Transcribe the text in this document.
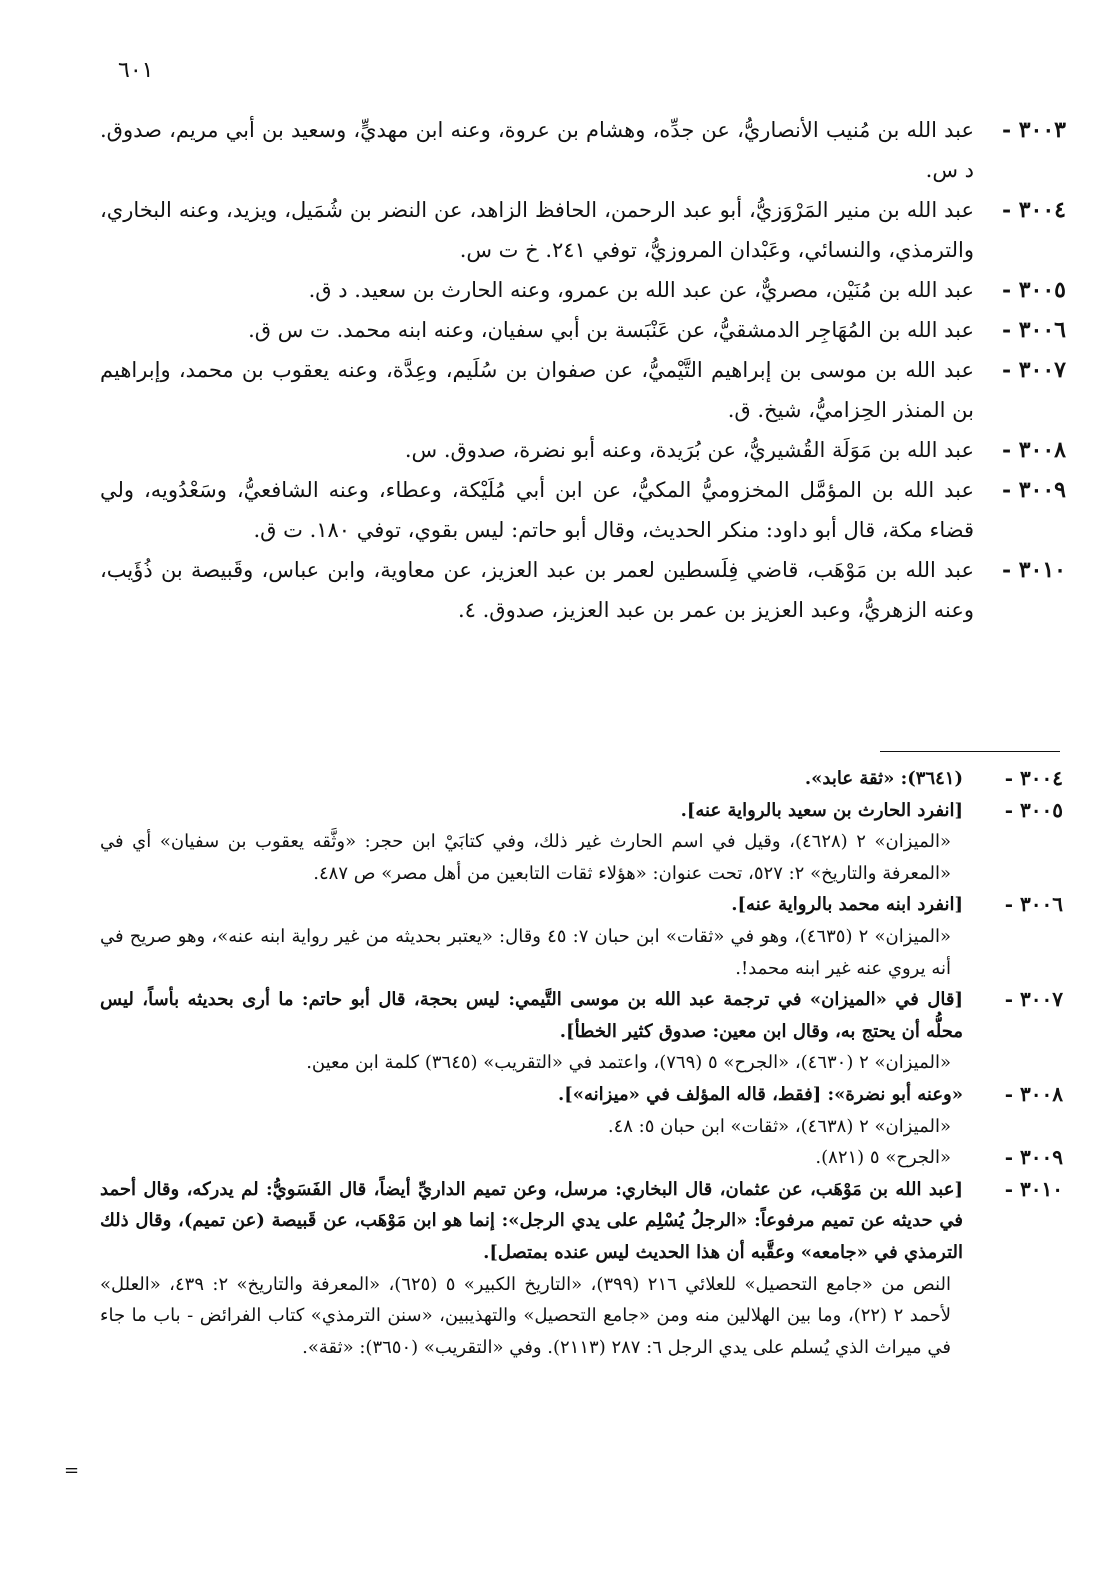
٦٠١
٣٠٠٣ -
عبد الله بن مُنيب الأنصاريُّ، عن جدِّه، وهشام بن عروة، وعنه ابن مهديٍّ، وسعيد بن أبي مريم، صدوق. د س.
٣٠٠٤ -
عبد الله بن منير المَرْوَزيُّ، أبو عبد الرحمن، الحافظ الزاهد، عن النضر بن شُمَيل، ويزيد، وعنه البخاري، والترمذي، والنسائي، وعَبْدان المروزيُّ، توفي ٢٤١. خ ت س.
٣٠٠٥ -
عبد الله بن مُنَيْن، مصريٌّ، عن عبد الله بن عمرو، وعنه الحارث بن سعيد. د ق.
٣٠٠٦ -
عبد الله بن المُهَاجِر الدمشقيُّ، عن عَنْبَسة بن أبي سفيان، وعنه ابنه محمد. ت س ق.
٣٠٠٧ -
عبد الله بن موسى بن إبراهيم التَّيْميُّ، عن صفوان بن سُلَيم، وعِدَّة، وعنه يعقوب بن محمد، وإبراهيم بن المنذر الحِزاميُّ، شيخ. ق.
٣٠٠٨ -
عبد الله بن مَوَلَة القُشيريُّ، عن بُرَيدة، وعنه أبو نضرة، صدوق. س.
٣٠٠٩ -
عبد الله بن المؤمَّل المخزوميُّ المكيُّ، عن ابن أبي مُلَيْكة، وعطاء، وعنه الشافعيُّ، وسَعْدُويه، ولي قضاء مكة، قال أبو داود: منكر الحديث، وقال أبو حاتم: ليس بقوي، توفي ١٨٠. ت ق.
٣٠١٠ -
عبد الله بن مَوْهَب، قاضي فِلَسطين لعمر بن عبد العزيز، عن معاوية، وابن عباس، وقَبيصة بن ذُؤَيب، وعنه الزهريُّ، وعبد العزيز بن عمر بن عبد العزيز، صدوق. ٤.
٣٠٠٤ -
(٣٦٤١): «ثقة عابد».
٣٠٠٥ -
[انفرد الحارث بن سعيد بالرواية عنه].
«الميزان» ٢ (٤٦٢٨)، وقيل في اسم الحارث غير ذلك، وفي كتابَيْ ابن حجر: «وثَّقه يعقوب بن سفيان» أي في «المعرفة والتاريخ» ٢: ٥٢٧، تحت عنوان: «هؤلاء ثقات التابعين من أهل مصر» ص ٤٨٧.
٣٠٠٦ -
[انفرد ابنه محمد بالرواية عنه].
«الميزان» ٢ (٤٦٣٥)، وهو في «ثقات» ابن حبان ٧: ٤٥ وقال: «يعتبر بحديثه من غير رواية ابنه عنه»، وهو صريح في أنه يروي عنه غير ابنه محمد!.
٣٠٠٧ -
[قال في «الميزان» في ترجمة عبد الله بن موسى التَّيمي: ليس بحجة، قال أبو حاتم: ما أرى بحديثه بأساً، ليس محلُّه أن يحتج به، وقال ابن معين: صدوق كثير الخطأ].
«الميزان» ٢ (٤٦٣٠)، «الجرح» ٥ (٧٦٩)، واعتمد في «التقريب» (٣٦٤٥) كلمة ابن معين.
٣٠٠٨ -
«وعنه أبو نضرة»: [فقط، قاله المؤلف في «ميزانه»].
«الميزان» ٢ (٤٦٣٨)، «ثقات» ابن حبان ٥: ٤٨.
٣٠٠٩ -
«الجرح» ٥ (٨٢١).
٣٠١٠ -
[عبد الله بن مَوْهَب، عن عثمان، قال البخاري: مرسل، وعن تميم الداريِّ أيضاً، قال الفَسَويُّ: لم يدركه، وقال أحمد في حديثه عن تميم مرفوعاً: «الرجلُ يُسْلِم على يدي الرجل»: إنما هو ابن مَوْهَب، عن قَبيصة (عن تميم)، وقال ذلك الترمذي في «جامعه» وعقَّبه أن هذا الحديث ليس عنده بمتصل].
النص من «جامع التحصيل» للعلائي ٢١٦ (٣٩٩)، «التاريخ الكبير» ٥ (٦٢٥)، «المعرفة والتاريخ» ٢: ٤٣٩، «العلل» لأحمد ٢ (٢٢)، وما بين الهلالين منه ومن «جامع التحصيل» والتهذيبين، «سنن الترمذي» كتاب الفرائض - باب ما جاء في ميراث الذي يُسلم على يدي الرجل ٦: ٢٨٧ (٢١١٣). وفي «التقريب» (٣٦٥٠): «ثقة».
=
